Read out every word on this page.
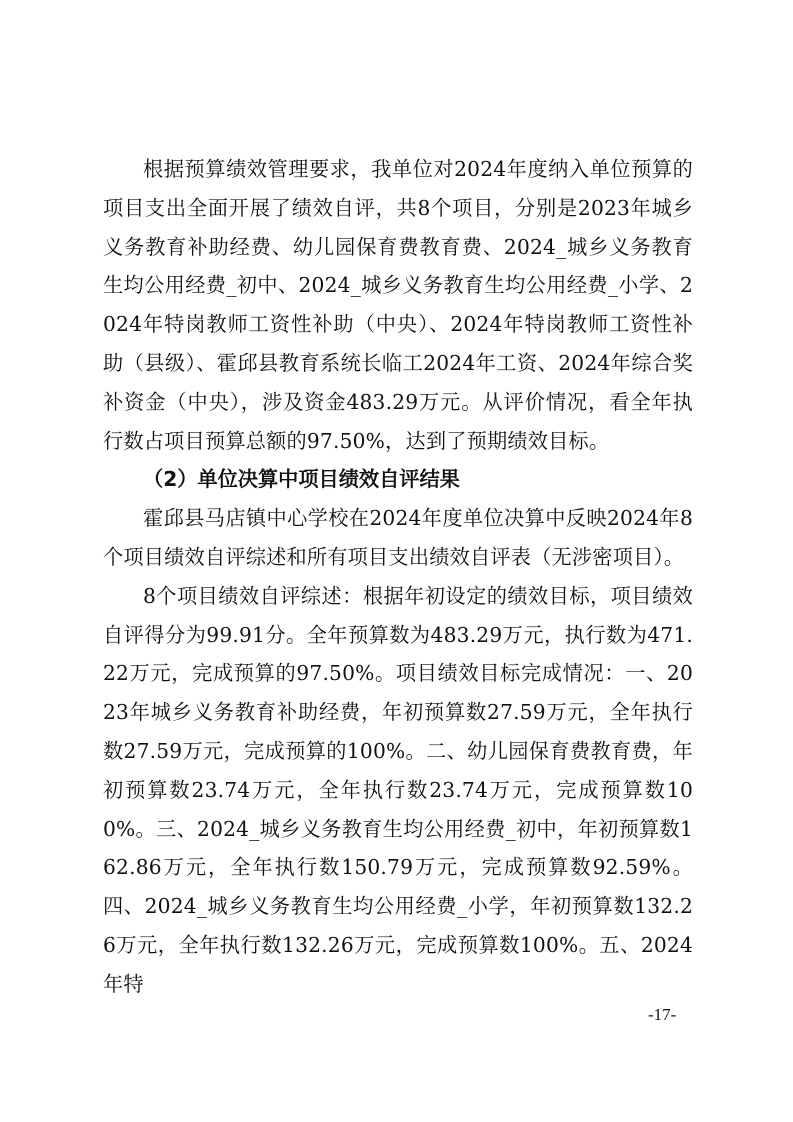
根据预算绩效管理要求，我单位对2024年度纳入单位预算的项目支出全面开展了绩效自评，共8个项目，分别是2023年城乡义务教育补助经费、幼儿园保育费教育费、2024_城乡义务教育生均公用经费_初中、2024_城乡义务教育生均公用经费_小学、2024年特岗教师工资性补助（中央）、2024年特岗教师工资性补助（县级）、霍邱县教育系统长临工2024年工资、2024年综合奖补资金（中央），涉及资金483.29万元。从评价情况，看全年执行数占项目预算总额的97.50%，达到了预期绩效目标。

（2）单位决算中项目绩效自评结果

霍邱县马店镇中心学校在2024年度单位决算中反映2024年8个项目绩效自评综述和所有项目支出绩效自评表（无涉密项目）。

8个项目绩效自评综述：根据年初设定的绩效目标，项目绩效自评得分为99.91分。全年预算数为483.29万元，执行数为471.22万元，完成预算的97.50%。项目绩效目标完成情况：一、2023年城乡义务教育补助经费，年初预算数27.59万元，全年执行数27.59万元，完成预算的100%。二、幼儿园保育费教育费，年初预算数23.74万元，全年执行数23.74万元，完成预算数100%。三、2024_城乡义务教育生均公用经费_初中，年初预算数162.86万元，全年执行数150.79万元，完成预算数92.59%。四、2024_城乡义务教育生均公用经费_小学，年初预算数132.26万元，全年执行数132.26万元，完成预算数100%。五、2024年特

-17-
